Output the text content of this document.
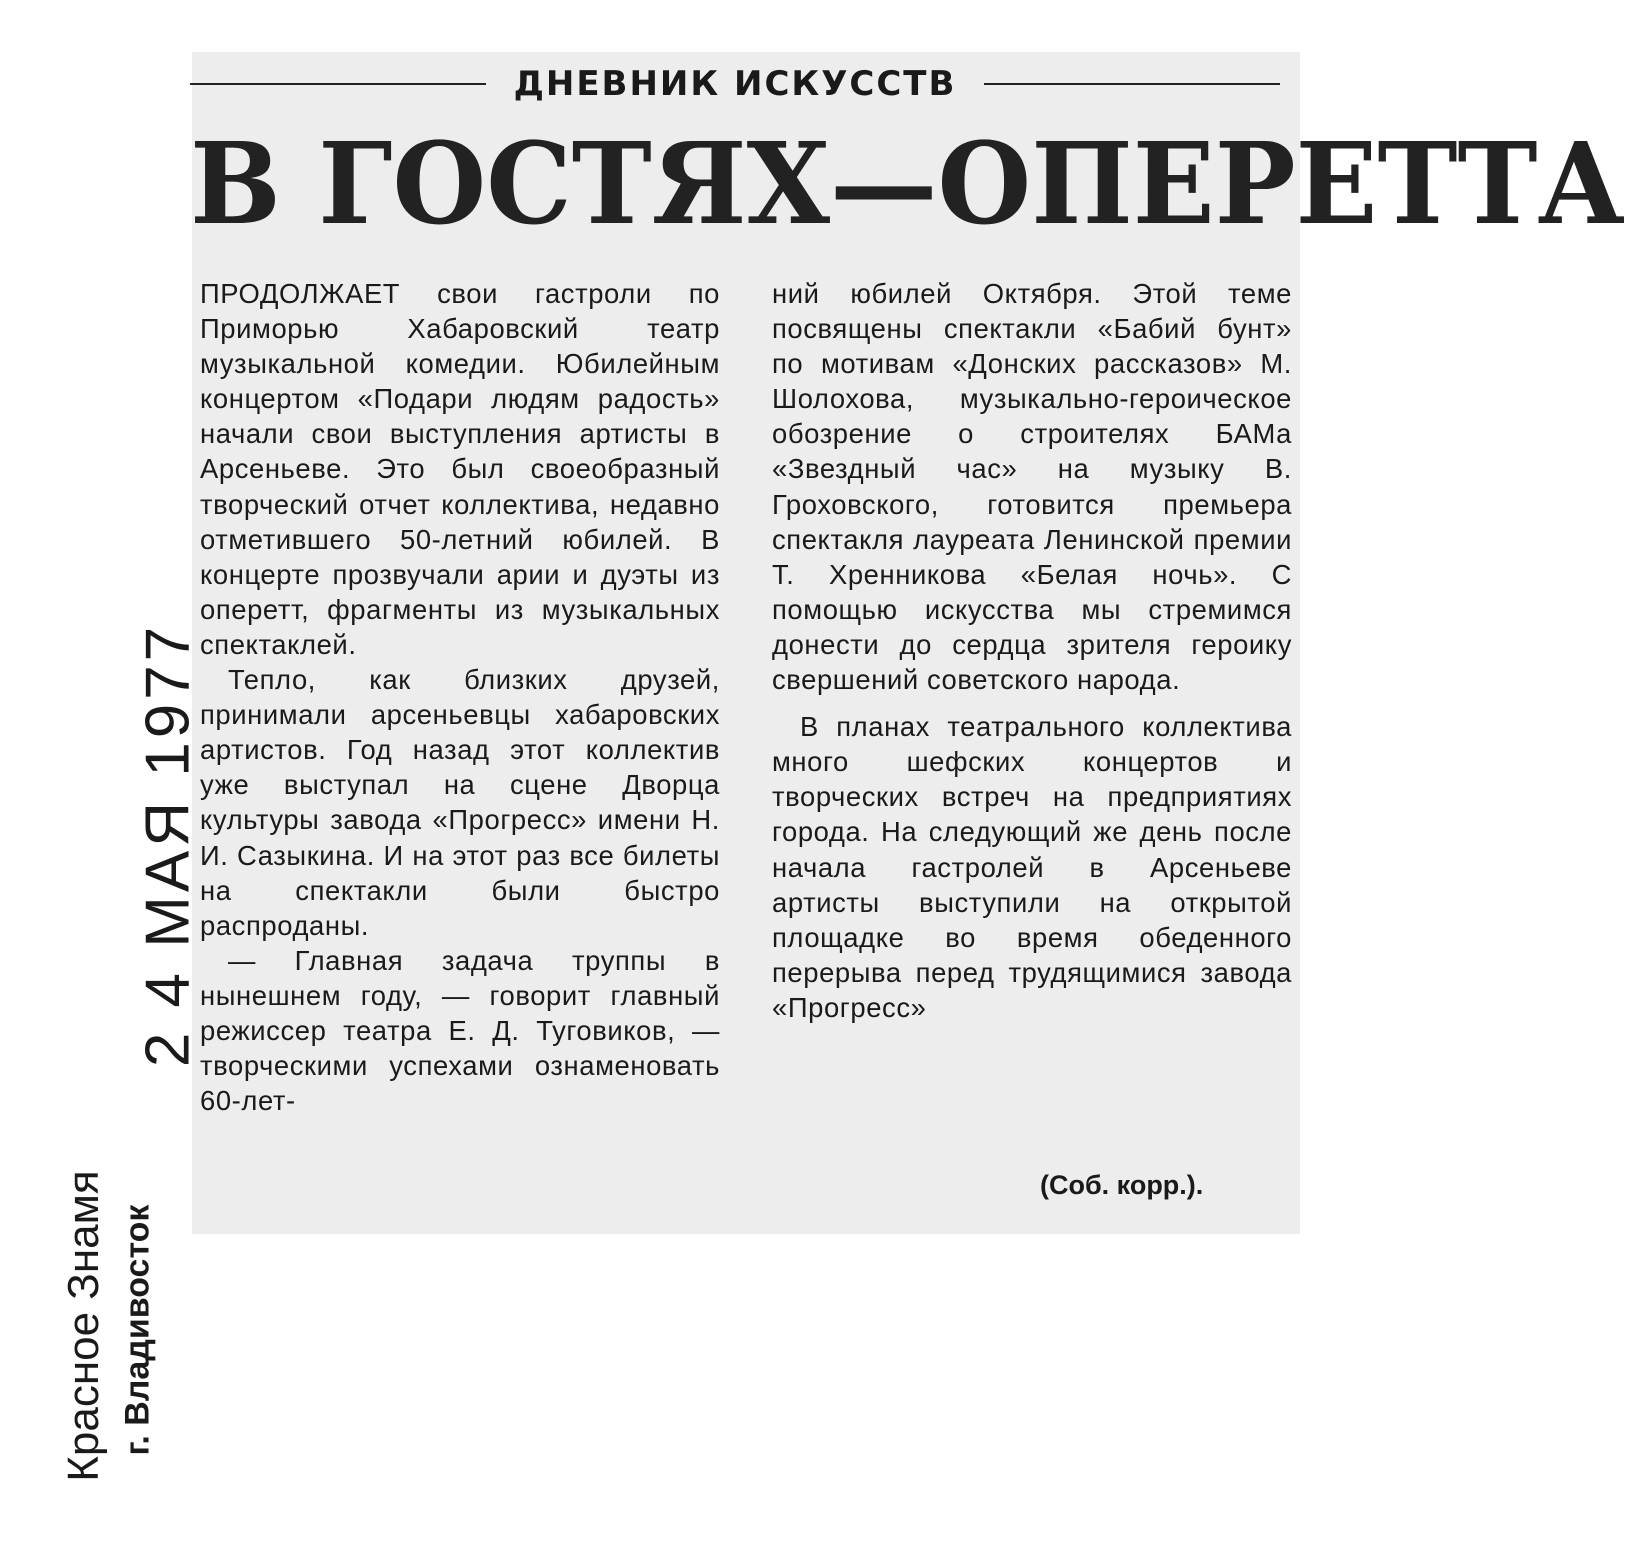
ДНЕВНИК ИСКУССТВ
В ГОСТЯХ—ОПЕРЕТТА

ПРОДОЛЖАЕТ свои гастроли по Приморью Хабаровский театр музыкальной комедии. Юбилейным концертом «Подари людям радость» начали свои выступления артисты в Арсеньеве. Это был своеобразный творческий отчет коллектива, недавно отметившего 50-летний юбилей. В концерте прозвучали арии и дуэты из оперетт, фрагменты из музыкальных спектаклей.

Тепло, как близких друзей, принимали арсеньевцы хабаровских артистов. Год назад этот коллектив уже выступал на сцене Дворца культуры завода «Прогресс» имени Н. И. Сазыкина. И на этот раз все билеты на спектакли были быстро распроданы.

— Главная задача труппы в нынешнем году, — говорит главный режиссер театра Е. Д. Туговиков, — творческими успехами ознаменовать 60-лет-

ний юбилей Октября. Этой теме посвящены спектакли «Бабий бунт» по мотивам «Донских рассказов» М. Шолохова, музыкально-героическое обозрение о строителях БАМа «Звездный час» на музыку В. Гроховского, готовится премьера спектакля лауреата Ленинской премии Т. Хренникова «Белая ночь». С помощью искусства мы стремимся донести до сердца зрителя героику свершений советского народа.

В планах театрального коллектива много шефских концертов и творческих встреч на предприятиях города. На следующий же день после начала гастролей в Арсеньеве артисты выступили на открытой площадке во время обеденного перерыва перед трудящимися завода «Прогресс»

(Соб. корр.).
2 4 МАЯ 1977
Красное Знамя г. Владивосток
